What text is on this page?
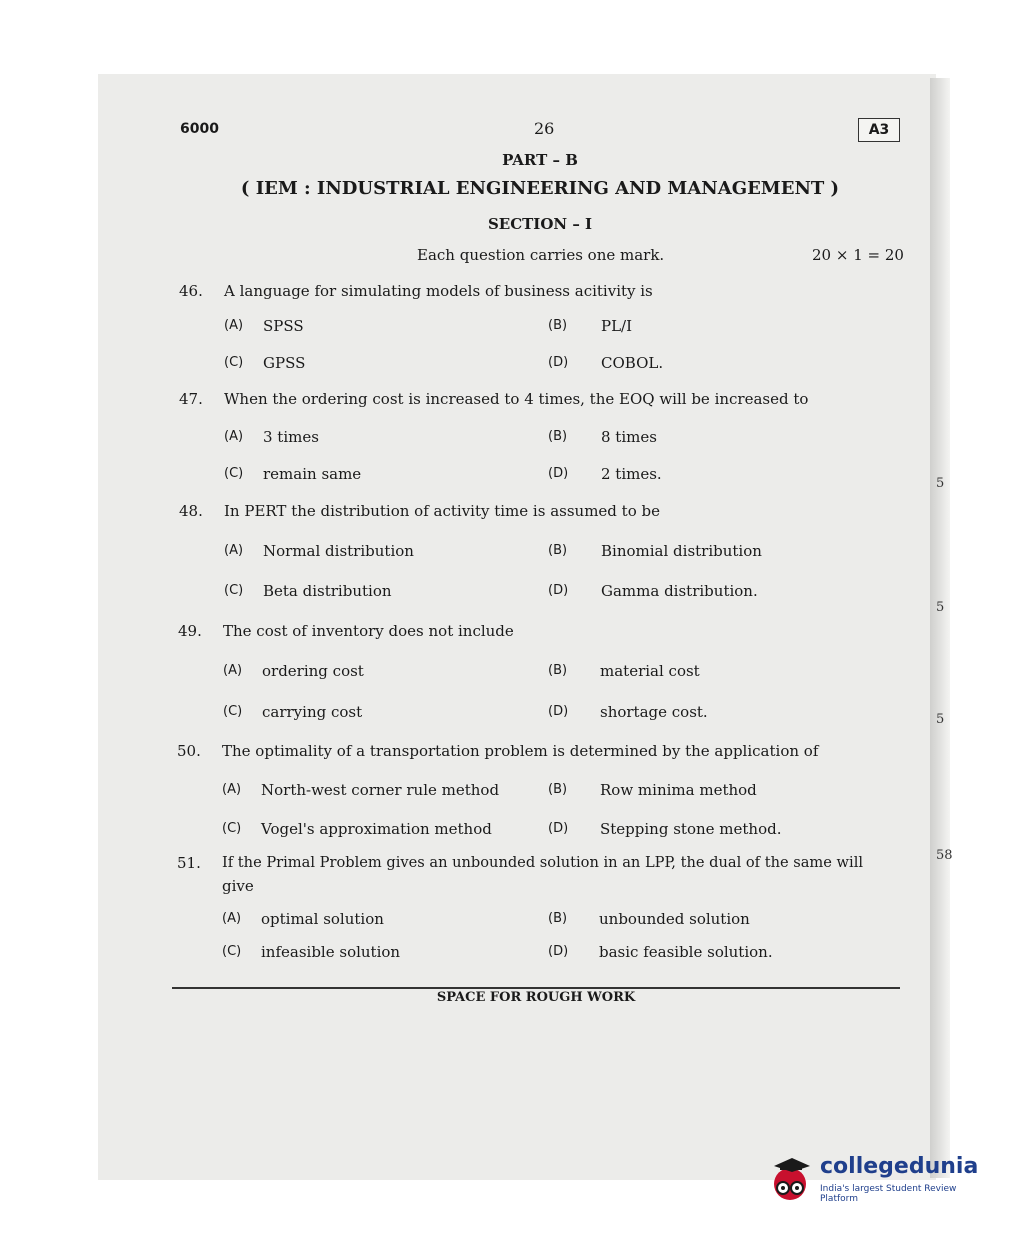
5
5
5
58
6000	26	A3
PART – B
( IEM : INDUSTRIAL ENGINEERING AND MANAGEMENT )
SECTION – I
Each question carries one mark.	20 × 1 = 20
46. A language for simulating models of business acitivity is
(A) SPSS	(B) PL/I
(C) GPSS	(D) COBOL.
47. When the ordering cost is increased to 4 times, the EOQ will be increased to
(A) 3 times	(B) 8 times
(C) remain same	(D) 2 times.
48. In PERT the distribution of activity time is assumed to be
(A) Normal distribution	(B) Binomial distribution
(C) Beta distribution	(D) Gamma distribution.
49. The cost of inventory does not include
(A) ordering cost	(B) material cost
(C) carrying cost	(D) shortage cost.
50. The optimality of a transportation problem is determined by the application of
(A) North-west corner rule method	(B) Row minima method
(C) Vogel's approximation method	(D) Stepping stone method.
51. If the Primal Problem gives an unbounded solution in an LPP, the dual of the same will
give
(A) optimal solution	(B) unbounded solution
(C) infeasible solution	(D) basic feasible solution.
SPACE FOR ROUGH WORK
collegedunia
India's largest Student Review Platform
